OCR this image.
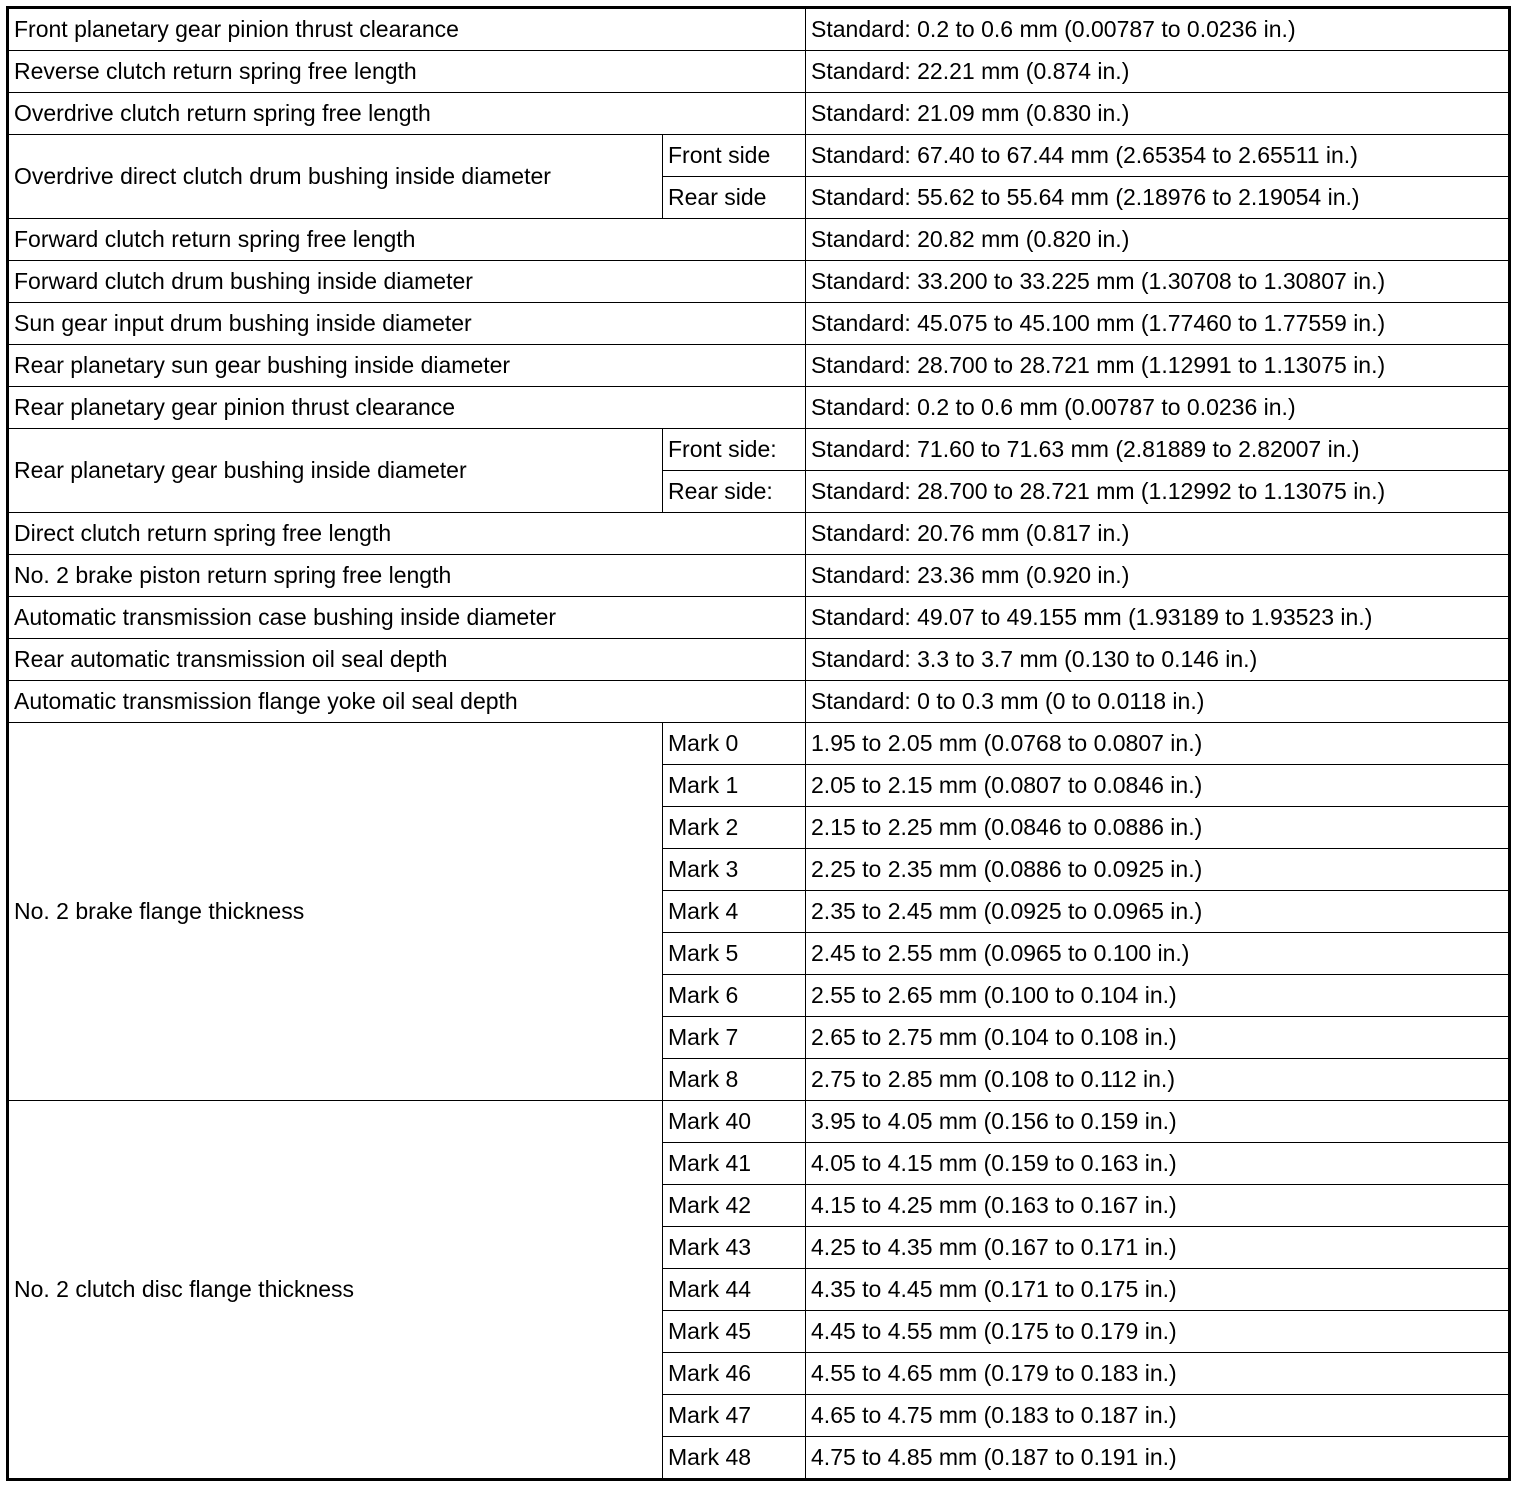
Front planetary gear pinion thrust clearance		Standard: 0.2 to 0.6 mm (0.00787 to 0.0236 in.)
Reverse clutch return spring free length		Standard: 22.21 mm (0.874 in.)
Overdrive clutch return spring free length		Standard: 21.09 mm (0.830 in.)
Overdrive direct clutch drum bushing inside diameter	Front side	Standard: 67.40 to 67.44 mm (2.65354 to 2.65511 in.)
	Rear side	Standard: 55.62 to 55.64 mm (2.18976 to 2.19054 in.)
Forward clutch return spring free length		Standard: 20.82 mm (0.820 in.)
Forward clutch drum bushing inside diameter		Standard: 33.200 to 33.225 mm (1.30708 to 1.30807 in.)
Sun gear input drum bushing inside diameter		Standard: 45.075 to 45.100 mm (1.77460 to 1.77559 in.)
Rear planetary sun gear bushing inside diameter		Standard: 28.700 to 28.721 mm (1.12991 to 1.13075 in.)
Rear planetary gear pinion thrust clearance		Standard: 0.2 to 0.6 mm (0.00787 to 0.0236 in.)
Rear planetary gear bushing inside diameter	Front side:	Standard: 71.60 to 71.63 mm (2.81889 to 2.82007 in.)
	Rear side:	Standard: 28.700 to 28.721 mm (1.12992 to 1.13075 in.)
Direct clutch return spring free length		Standard: 20.76 mm (0.817 in.)
No. 2 brake piston return spring free length		Standard: 23.36 mm (0.920 in.)
Automatic transmission case bushing inside diameter		Standard: 49.07 to 49.155 mm (1.93189 to 1.93523 in.)
Rear automatic transmission oil seal depth		Standard: 3.3 to 3.7 mm (0.130 to 0.146 in.)
Automatic transmission flange yoke oil seal depth		Standard: 0 to 0.3 mm (0 to 0.0118 in.)
No. 2 brake flange thickness	Mark 0	1.95 to 2.05 mm (0.0768 to 0.0807 in.)
	Mark 1	2.05 to 2.15 mm (0.0807 to 0.0846 in.)
	Mark 2	2.15 to 2.25 mm (0.0846 to 0.0886 in.)
	Mark 3	2.25 to 2.35 mm (0.0886 to 0.0925 in.)
	Mark 4	2.35 to 2.45 mm (0.0925 to 0.0965 in.)
	Mark 5	2.45 to 2.55 mm (0.0965 to 0.100 in.)
	Mark 6	2.55 to 2.65 mm (0.100 to 0.104 in.)
	Mark 7	2.65 to 2.75 mm (0.104 to 0.108 in.)
	Mark 8	2.75 to 2.85 mm (0.108 to 0.112 in.)
No. 2 clutch disc flange thickness	Mark 40	3.95 to 4.05 mm (0.156 to 0.159 in.)
	Mark 41	4.05 to 4.15 mm (0.159 to 0.163 in.)
	Mark 42	4.15 to 4.25 mm (0.163 to 0.167 in.)
	Mark 43	4.25 to 4.35 mm (0.167 to 0.171 in.)
	Mark 44	4.35 to 4.45 mm (0.171 to 0.175 in.)
	Mark 45	4.45 to 4.55 mm (0.175 to 0.179 in.)
	Mark 46	4.55 to 4.65 mm (0.179 to 0.183 in.)
	Mark 47	4.65 to 4.75 mm (0.183 to 0.187 in.)
	Mark 48	4.75 to 4.85 mm (0.187 to 0.191 in.)
